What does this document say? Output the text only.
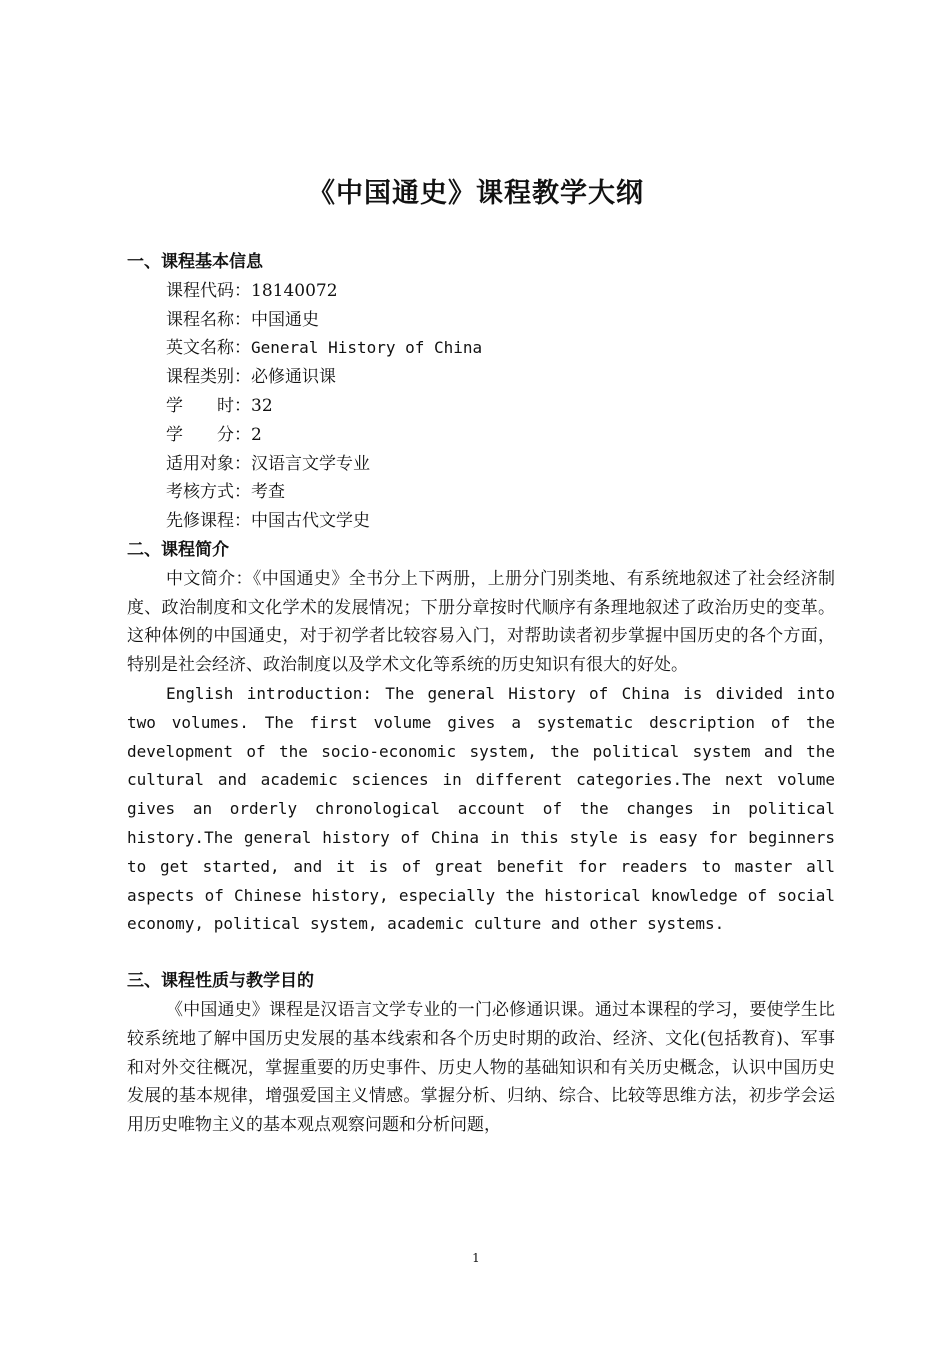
《中国通史》课程教学大纲
一、课程基本信息
课程代码：18140072
课程名称：中国通史
英文名称：General History of China
课程类别：必修通识课
学　　时：32
学　　分：2
适用对象：汉语言文学专业
考核方式：考查
先修课程：中国古代文学史
二、课程简介

中文简介：《中国通史》全书分上下两册，上册分门别类地、有系统地叙述了社会经济制度、政治制度和文化学术的发展情况；下册分章按时代顺序有条理地叙述了政治历史的变革。这种体例的中国通史，对于初学者比较容易入门，对帮助读者初步掌握中国历史的各个方面，特别是社会经济、政治制度以及学术文化等系统的历史知识有很大的好处。

English introduction: The general History of China is divided into two volumes. The first volume gives a systematic description of the development of the socio-economic system, the political system and the cultural and academic sciences in different categories.The next volume gives an orderly chronological account of the changes in political history.The general history of China in this style is easy for beginners to get started, and it is of great benefit for readers to master all aspects of Chinese history, especially the historical knowledge of social economy, political system, academic culture and other systems.

三、课程性质与教学目的

《中国通史》课程是汉语言文学专业的一门必修通识课。通过本课程的学习，要使学生比较系统地了解中国历史发展的基本线索和各个历史时期的政治、经济、文化(包括教育)、军事和对外交往概况，掌握重要的历史事件、历史人物的基础知识和有关历史概念，认识中国历史发展的基本规律，增强爱国主义情感。掌握分析、归纳、综合、比较等思维方法，初步学会运用历史唯物主义的基本观点观察问题和分析问题，

1
